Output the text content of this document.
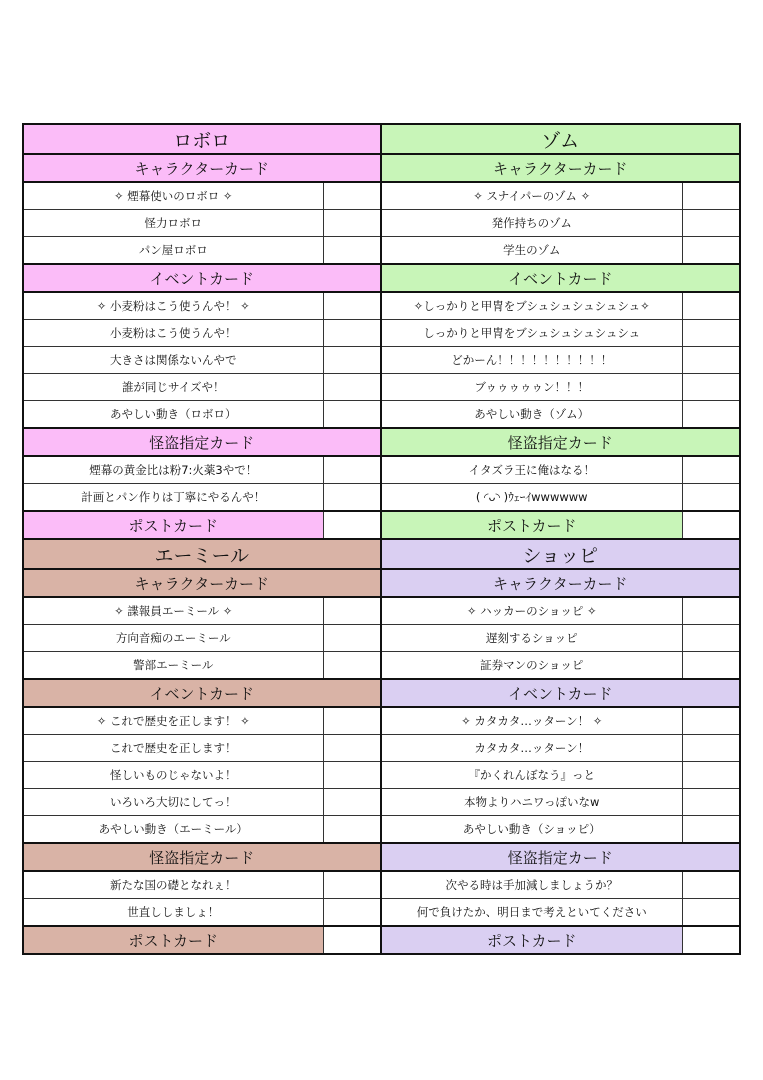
ロボロ
キャラクターカード
✧ 煙幕使いのロボロ ✧
怪力ロボロ
パン屋ロボロ
イベントカード
✧ 小麦粉はこう使うんや！ ✧
小麦粉はこう使うんや！
大きさは関係ないんやで
誰が同じサイズや！
あやしい動き（ロボロ）
怪盗指定カード
煙幕の黄金比は粉7:火薬3やで！
計画とパン作りは丁寧にやるんや！
ポストカード
ゾム
キャラクターカード
✧ スナイパーのゾム ✧
発作持ちのゾム
学生のゾム
イベントカード
✧しっかりと甲冑をブシュシュシュシュシュ✧
しっかりと甲冑をブシュシュシュシュシュ
どかーん！！！！！！！！！！
ブゥゥゥゥゥン！！！
あやしい動き（ゾム）
怪盗指定カード
イタズラ王に俺はなる！
( ◜ᴗ◝ )ｳｪｰｲwwwwww
ポストカード
エーミール
キャラクターカード
✧ 諜報員エーミール ✧
方向音痴のエーミール
警部エーミール
イベントカード
✧ これで歴史を正します！ ✧
これで歴史を正します！
怪しいものじゃないよ！
いろいろ大切にしてっ！
あやしい動き（エーミール）
怪盗指定カード
新たな国の礎となれぇ！
世直ししましょ！
ポストカード
ショッピ
キャラクターカード
✧ ハッカーのショッピ ✧
遅刻するショッピ
証券マンのショッピ
イベントカード
✧ カタカタ…ッターン！ ✧
カタカタ…ッターン！
『かくれんぼなう』っと
本物よりハニワっぽいなw
あやしい動き（ショッピ）
怪盗指定カード
次やる時は手加減しましょうか？
何で負けたか、明日まで考えといてください
ポストカード
